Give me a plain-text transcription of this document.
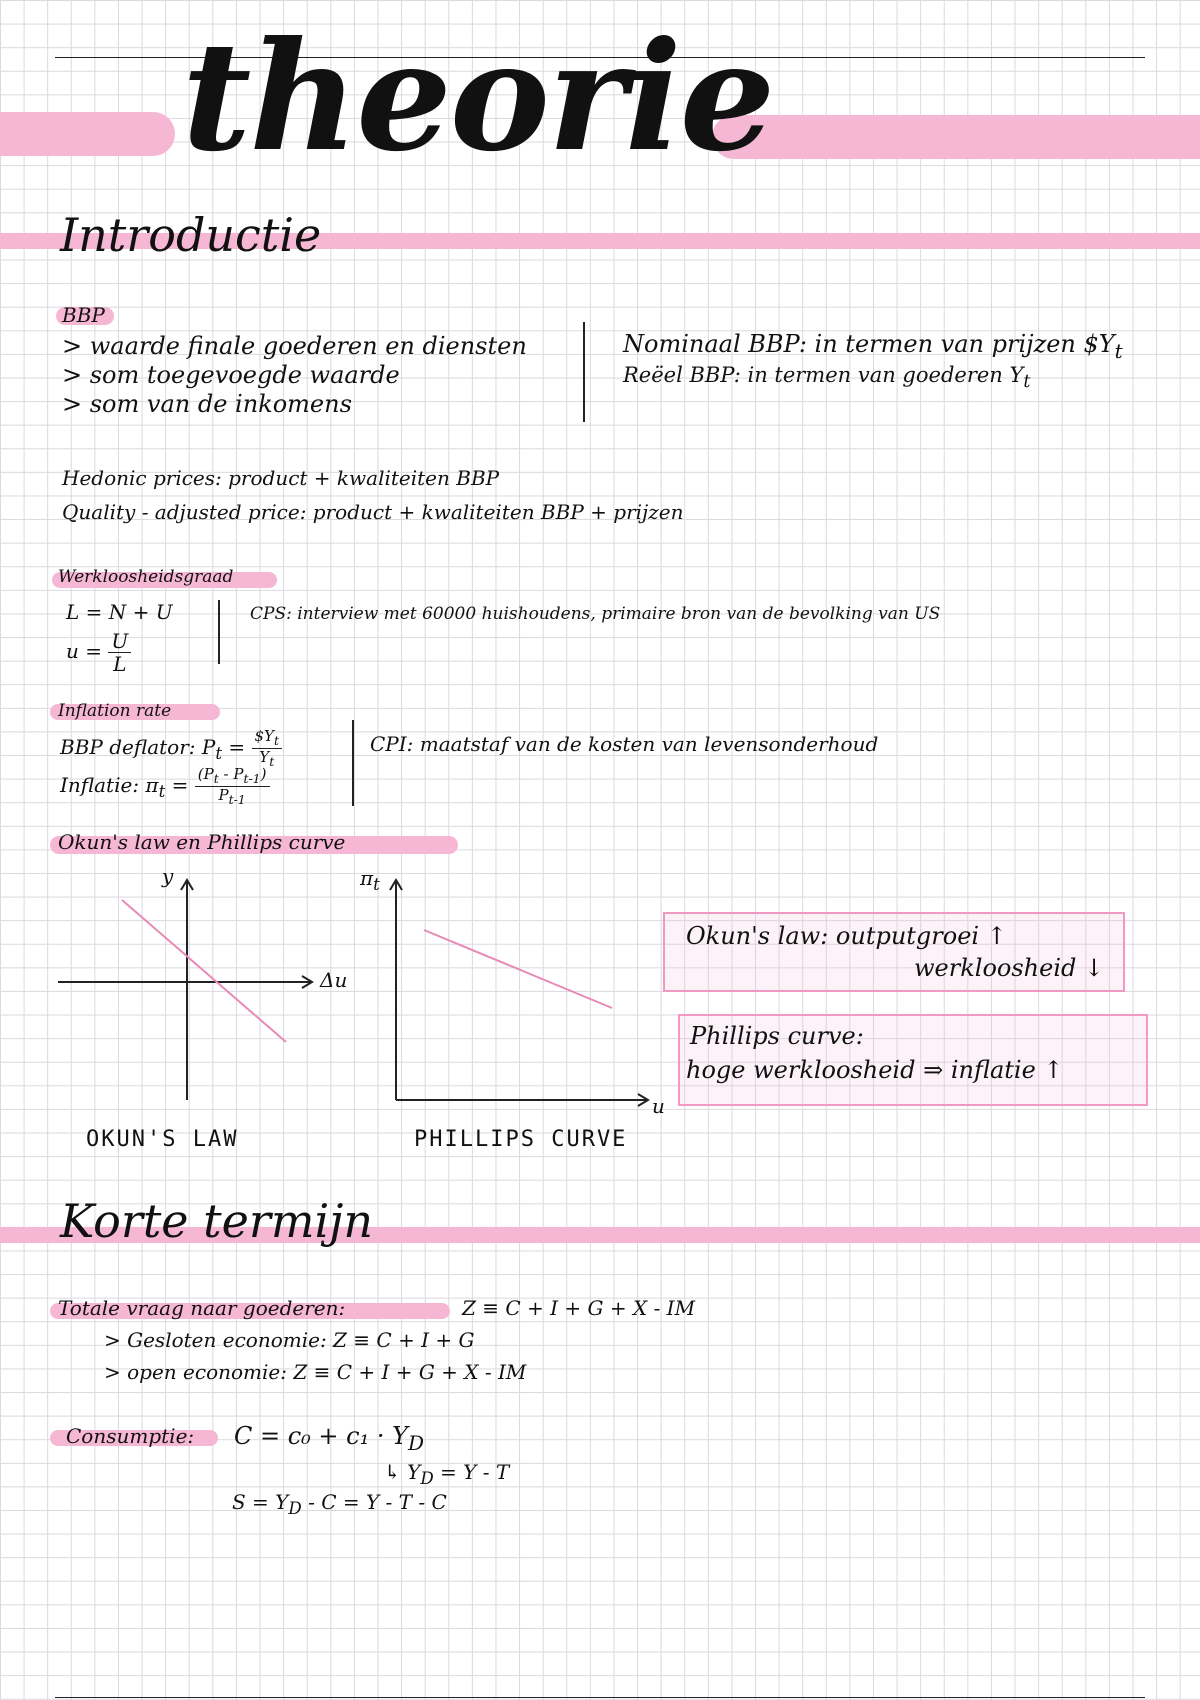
theorie
Introductie
BBP
> waarde finale goederen en diensten
> som toegevoegde waarde
> som van de inkomens
Nominaal BBP: in termen van prijzen $\$Y_t$
Reëel BBP: in termen van goederen $Y_t$
Hedonic prices: product + kwaliteiten BBP
Quality - adjusted price: product + kwaliteiten BBP + prijzen
Werkloosheidsgraad
L = N + U
$u = \frac{U}{L}$
CPS: interview met 60000 huishoudens, primaire bron van de bevolking van US
Inflation rate
BBP deflator: $P_t = \frac{\$Y_t}{Y_t}$
Inflatie: $\pi_t = \frac{(P_t - P_{t-1})}{P_{t-1}}$
CPI: maatstaf van de kosten van levensonderhoud
Okun's law en Phillips curve
y
Δu
OKUN'S LAW
$\pi_t$
u
PHILLIPS CURVE
Okun's law: outputgroei ↑
werkloosheid ↓
Phillips curve:
hoge werkloosheid ⇒ inflatie ↑
Korte termijn
Totale vraag naar goederen:	Z ≡ C + I + G + X - IM
> Gesloten economie: Z ≡ C + I + G
> open economie: Z ≡ C + I + G + X - IM
Consumptie: $C = c_0 + c_1 \cdot Y_D$
↳ $Y_D = Y - T$
$S = Y_D - C = Y - T - C$
